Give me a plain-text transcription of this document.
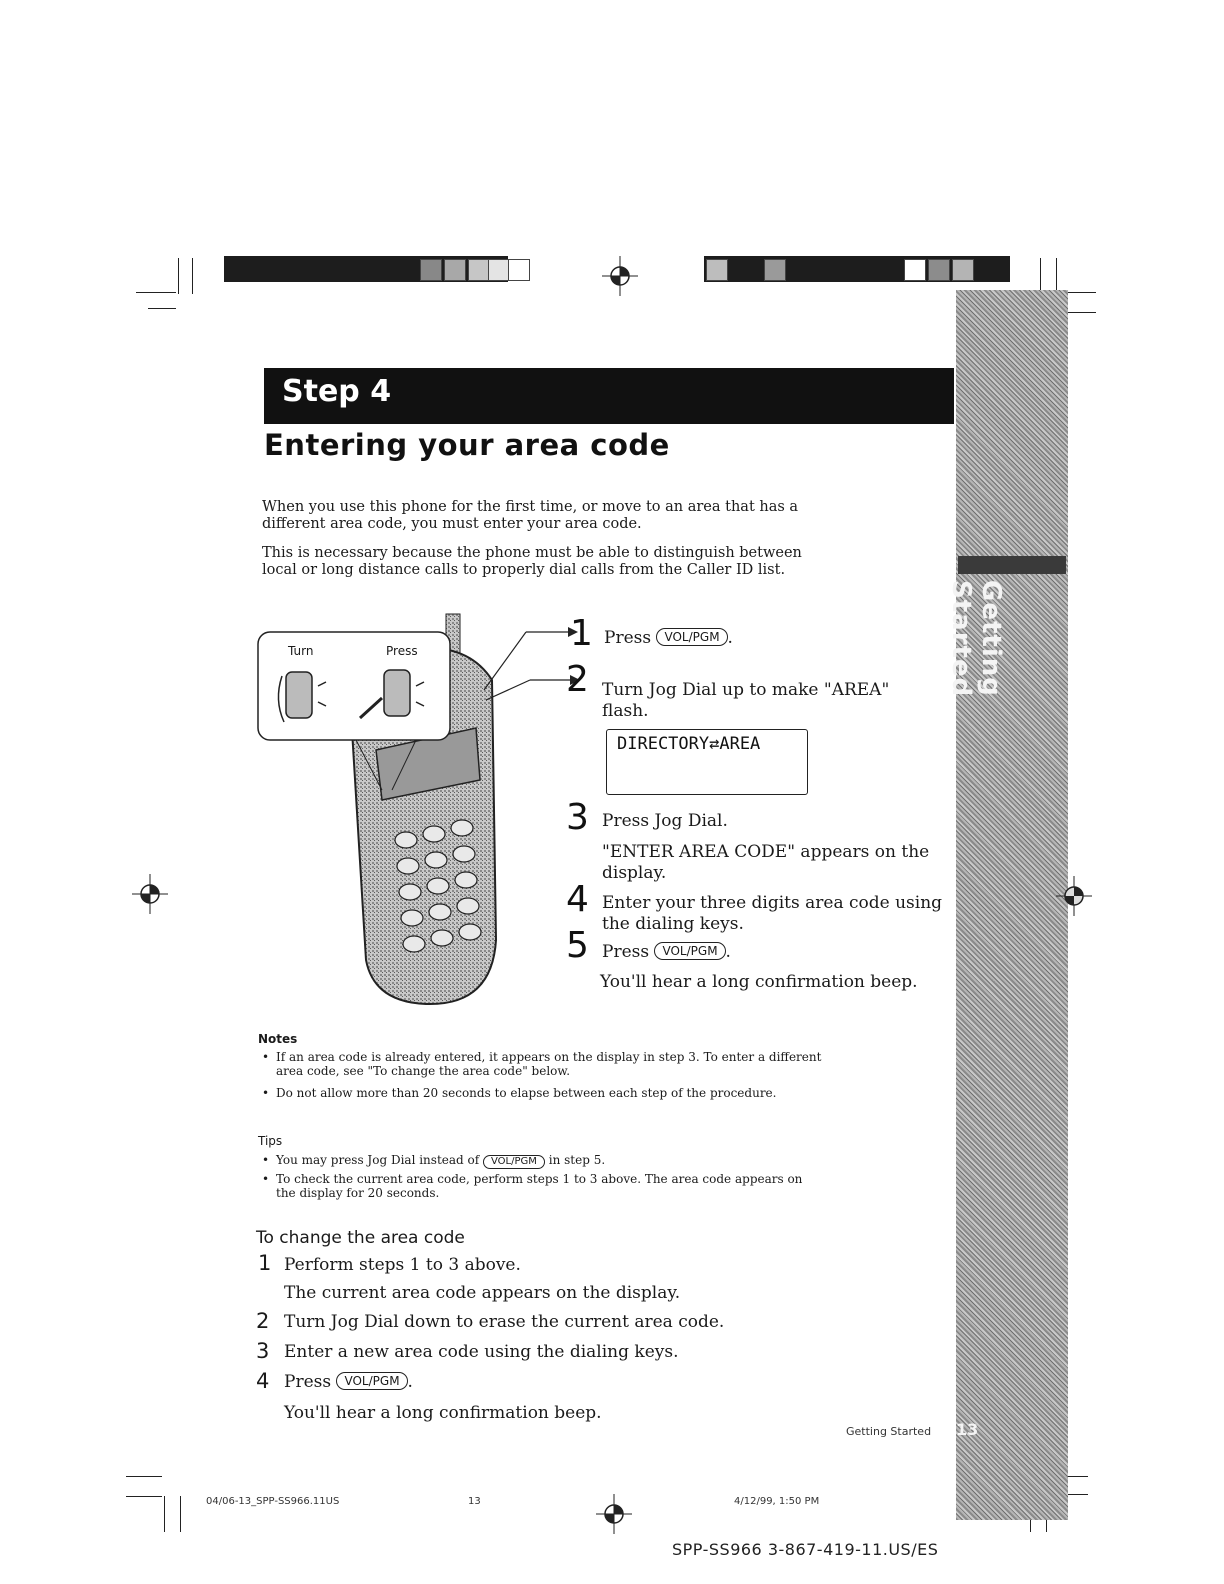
Getting Started
Step 4
Entering your area code
When you use this phone for the first time, or move to an area that has a different area code, you must enter your area code.
This is necessary because the phone must be able to distinguish between local or long distance calls to properly dial calls from the Caller ID list.
Turn	Press	1 Press VOL/PGM .
2 Turn Jog Dial up to make "AREA" flash.
DIRECTORY⇄AREA
3 Press Jog Dial.
"ENTER AREA CODE" appears on the display.
4 Enter your three digits area code using the dialing keys.
5 Press VOL/PGM .
You'll hear a long confirmation beep.
Notes
• If an area code is already entered, it appears on the display in step 3. To enter a different area code, see "To change the area code" below.
• Do not allow more than 20 seconds to elapse between each step of the procedure.
Tips
• You may press Jog Dial instead of VOL/PGM in step 5.
• To check the current area code, perform steps 1 to 3 above. The area code appears on the display for 20 seconds.
To change the area code
1 Perform steps 1 to 3 above.
The current area code appears on the display.
2 Turn Jog Dial down to erase the current area code.
3 Enter a new area code using the dialing keys.
4 Press VOL/PGM .
You'll hear a long confirmation beep.
Getting Started 13
04/06-13_SPP-SS966.11US	13	4/12/99, 1:50 PM
SPP-SS966 3-867-419-11.US/ES
